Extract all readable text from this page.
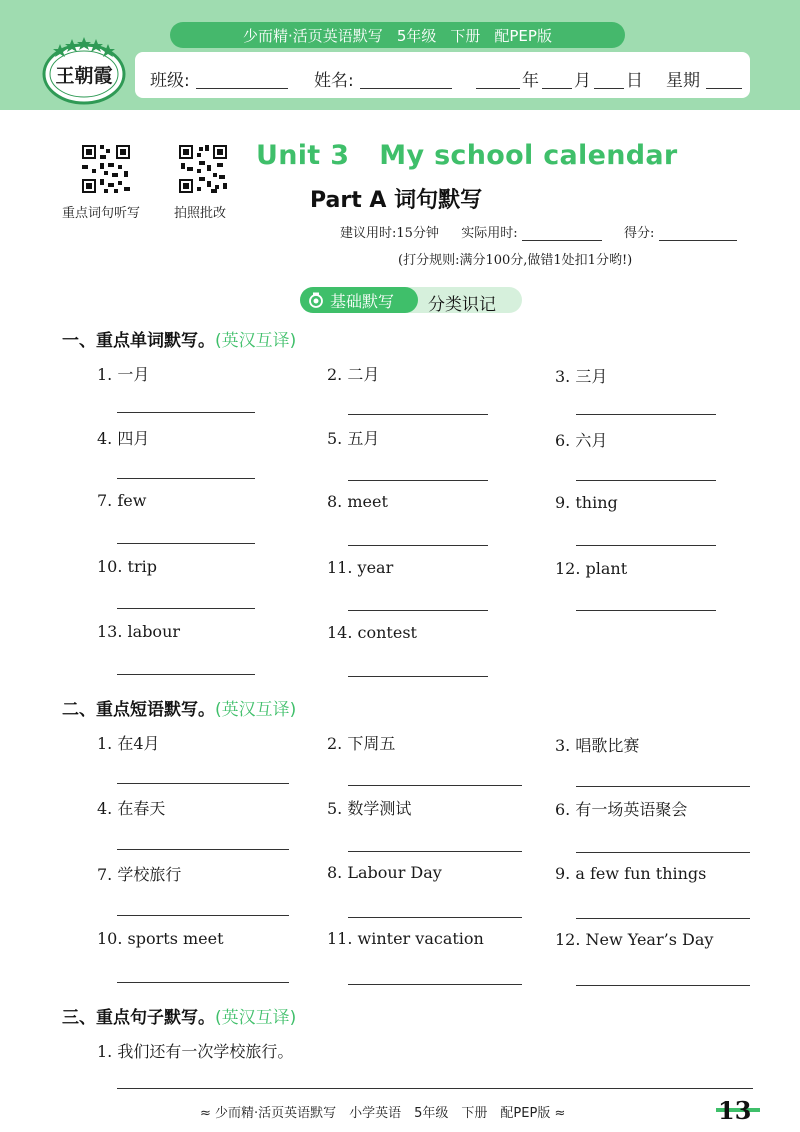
少而精·活页英语默写 5年级 下册 配PEP版
王朝霞 班级:	姓名:	年 月 日 星期
重点词句听写	拍照批改
Unit 3 My school calendar
Part A 词句默写
建议用时:15分钟 实际用时:	得分:
(打分规则:满分100分,做错1处扣1分哟!)
基础默写 分类识记
一、重点单词默写。(英汉互译)
1. 一月	2. 二月	3. 三月
4. 四月	5. 五月	6. 六月
7. few	8. meet	9. thing
10. trip	11. year	12. plant
13. labour	14. contest
二、重点短语默写。(英汉互译)
1. 在4月	2. 下周五	3. 唱歌比赛
4. 在春天	5. 数学测试	6. 有一场英语聚会
7. 学校旅行	8. Labour Day	9. a few fun things
10. sports meet	11. winter vacation	12. New Year’s Day
三、重点句子默写。(英汉互译)
1. 我们还有一次学校旅行。
≈ 少而精·活页英语默写　小学英语　5年级　下册　配PEP版 ≈	13
